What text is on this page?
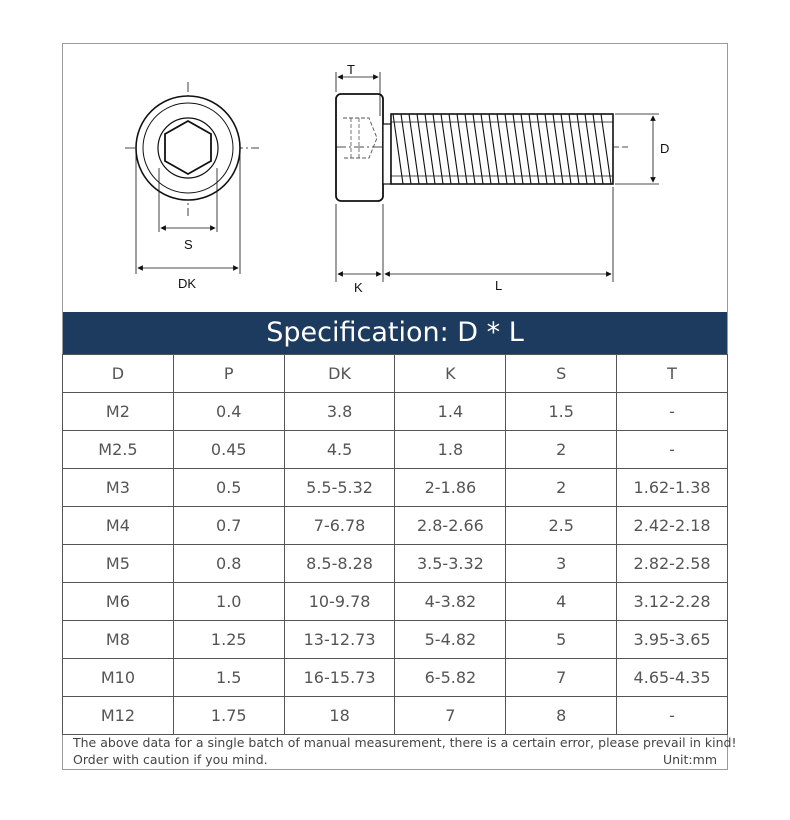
S
DK
T
D
K	L
Specification: D * L
D	P	DK	K	S	T
M2	0.4	3.8	1.4	1.5	-
M2.5	0.45	4.5	1.8	2	-
M3	0.5	5.5-5.32	2-1.86	2	1.62-1.38
M4	0.7	7-6.78	2.8-2.66	2.5	2.42-2.18
M5	0.8	8.5-8.28	3.5-3.32	3	2.82-2.58
M6	1.0	10-9.78	4-3.82	4	3.12-2.28
M8	1.25	13-12.73	5-4.82	5	3.95-3.65
M10	1.5	16-15.73	6-5.82	7	4.65-4.35
M12	1.75	18	7	8	-
The above data for a single batch of manual measurement, there is a certain error, please prevail in kind!
Order with caution if you mind.	Unit:mm
